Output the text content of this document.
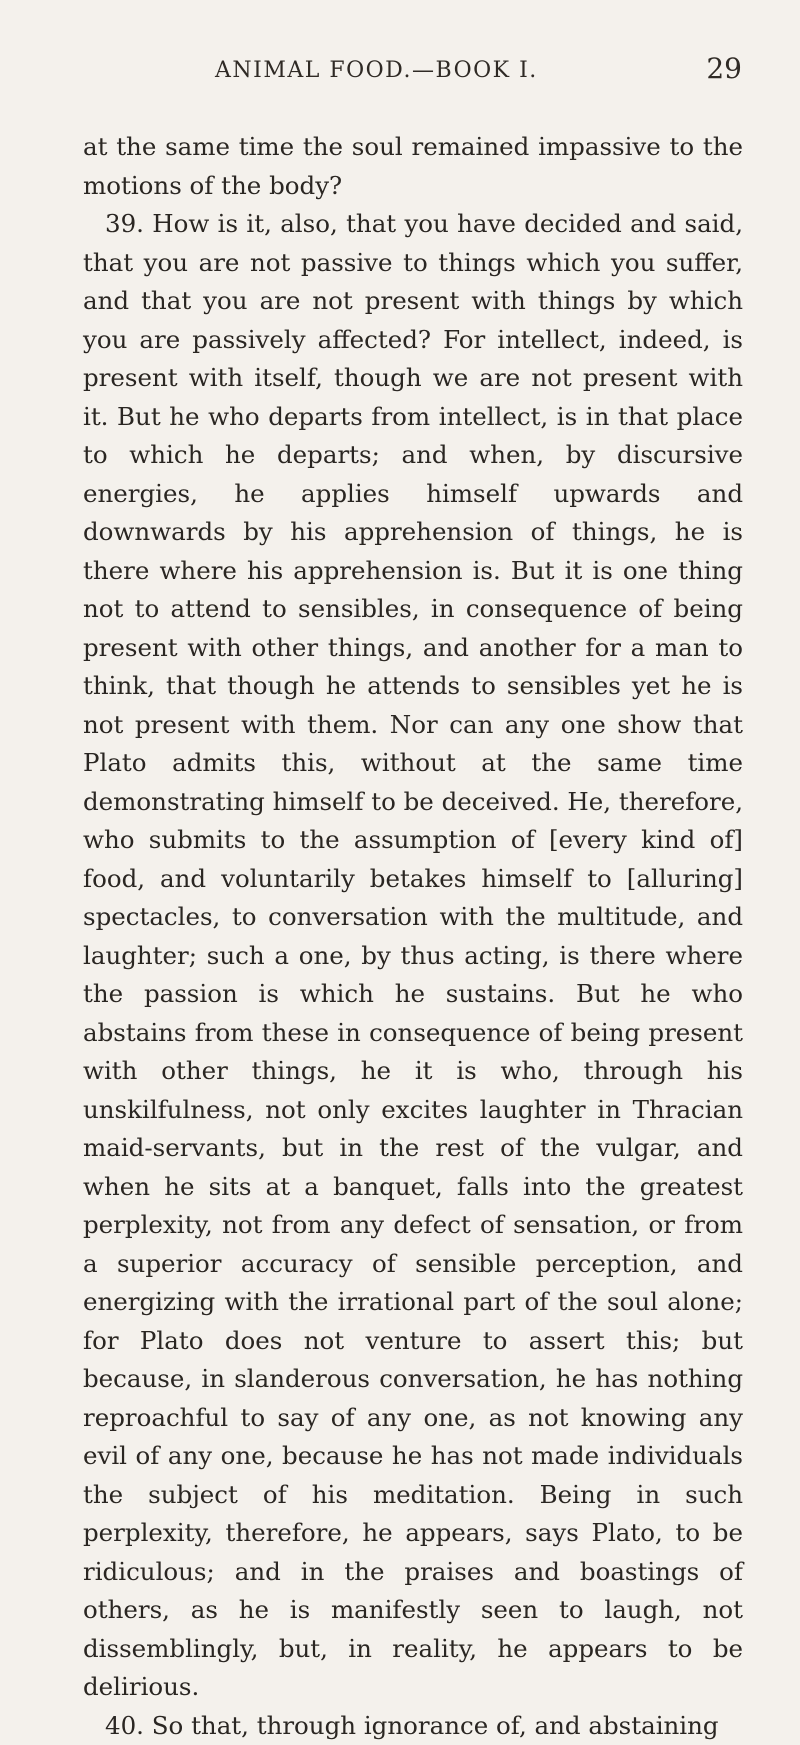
ANIMAL FOOD.—BOOK I.	29

at the same time the soul remained impassive to the motions of the body?

39. How is it, also, that you have decided and said, that you are not passive to things which you suffer, and that you are not present with things by which you are passively affected? For intellect, indeed, is present with itself, though we are not present with it. But he who departs from intellect, is in that place to which he departs; and when, by discursive energies, he applies himself upwards and downwards by his apprehension of things, he is there where his apprehension is. But it is one thing not to attend to sensibles, in consequence of being present with other things, and another for a man to think, that though he attends to sensibles yet he is not present with them. Nor can any one show that Plato admits this, without at the same time demonstrating himself to be deceived. He, therefore, who submits to the assumption of [every kind of] food, and voluntarily betakes himself to [alluring] spectacles, to conversation with the multitude, and laughter; such a one, by thus acting, is there where the passion is which he sustains. But he who abstains from these in consequence of being present with other things, he it is who, through his unskilfulness, not only excites laughter in Thracian maid-servants, but in the rest of the vulgar, and when he sits at a banquet, falls into the greatest perplexity, not from any defect of sensation, or from a superior accuracy of sensible perception, and energizing with the irrational part of the soul alone; for Plato does not venture to assert this; but because, in slanderous conversation, he has nothing reproachful to say of any one, as not knowing any evil of any one, because he has not made individuals the subject of his meditation. Being in such perplexity, therefore, he appears, says Plato, to be ridiculous; and in the praises and boastings of others, as he is manifestly seen to laugh, not dissemblingly, but, in reality, he appears to be delirious.

40. So that, through ignorance of, and abstaining
